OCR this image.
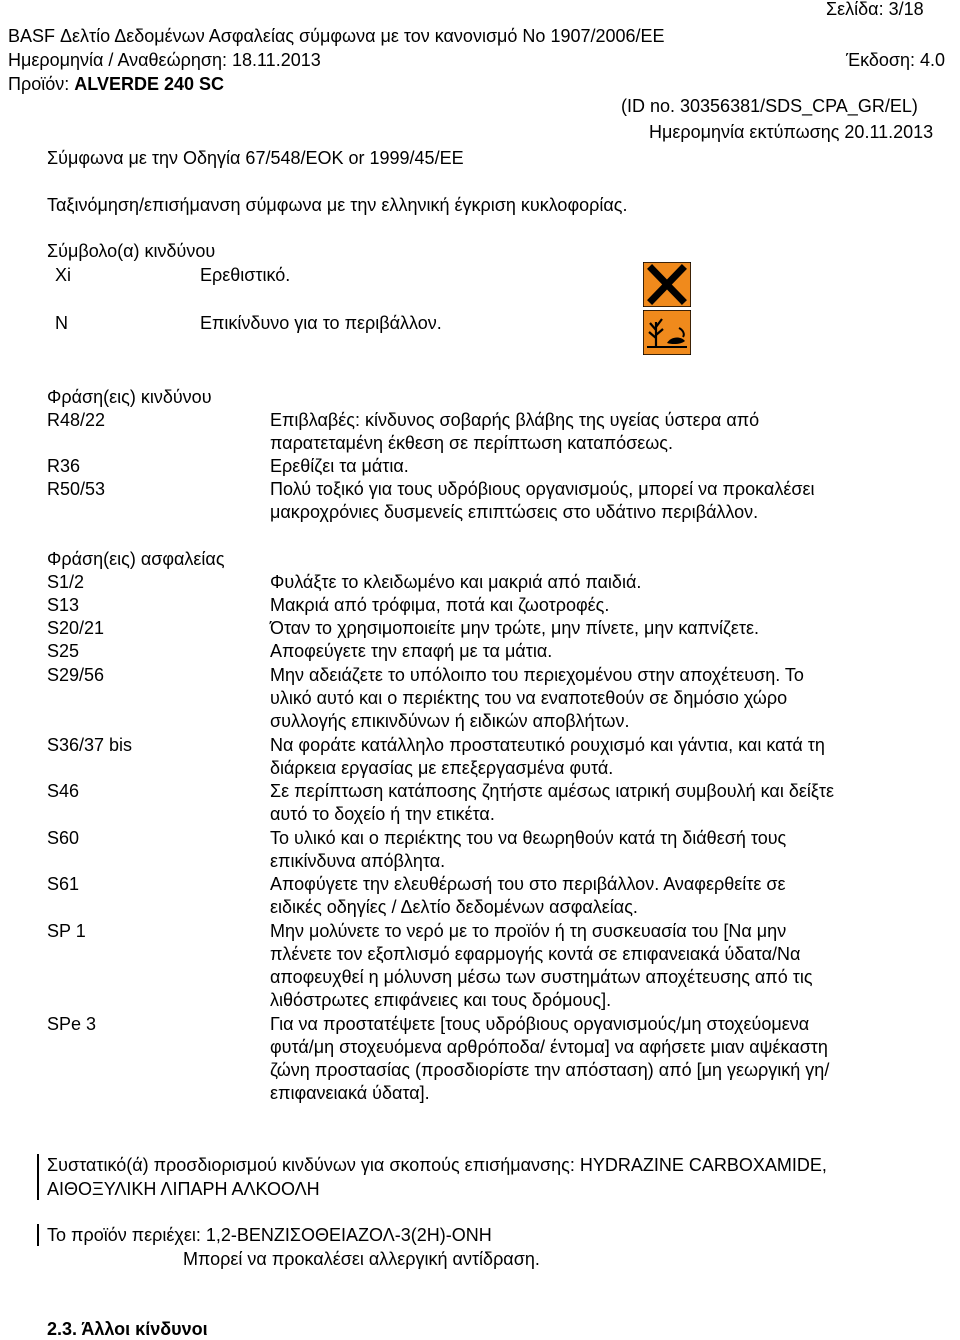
Σελίδα: 3/18
BASF Δελτίο Δεδομένων Ασφαλείας σύμφωνα με τον κανονισμό No 1907/2006/EE
Ημερομηνία / Αναθεώρηση: 18.11.2013	Έκδοση: 4.0
Προϊόν: ALVERDE 240 SC
(ID no. 30356381/SDS_CPA_GR/EL)
Ημερομηνία εκτύπωσης 20.11.2013
Σύμφωνα με την Οδηγία 67/548/ΕΟΚ or 1999/45/EE
Ταξινόμηση/επισήμανση σύμφωνα με την ελληνική έγκριση κυκλοφορίας.
Σύμβολο(α) κινδύνου
Xi	Ερεθιστικό.
N	Επικίνδυνο για το περιβάλλον.
Φράση(εις) κινδύνου
R48/22	Επιβλαβές: κίνδυνος σοβαρής βλάβης της υγείας ύστερα από
παρατεταμένη έκθεση σε περίπτωση καταπόσεως.
R36	Ερεθίζει τα μάτια.
R50/53	Πολύ τοξικό για τους υδρόβιους οργανισμούς, μπορεί να προκαλέσει
μακροχρόνιες δυσμενείς επιπτώσεις στο υδάτινο περιβάλλον.
Φράση(εις) ασφαλείας
S1/2	Φυλάξτε το κλειδωμένο και μακριά από παιδιά.
S13	Μακριά από τρόφιμα, ποτά και ζωοτροφές.
S20/21	Όταν το χρησιμοποιείτε μην τρώτε, μην πίνετε, μην καπνίζετε.
S25	Αποφεύγετε την επαφή με τα μάτια.
S29/56	Μην αδειάζετε το υπόλοιπο του περιεχομένου στην αποχέτευση. Το
υλικό αυτό και ο περιέκτης του να εναποτεθούν σε δημόσιο χώρο
συλλογής επικινδύνων ή ειδικών αποβλήτων.
S36/37 bis	Να φοράτε κατάλληλο προστατευτικό ρουχισμό και γάντια, και κατά τη
διάρκεια εργασίας με επεξεργασμένα φυτά.
S46	Σε περίπτωση κατάποσης ζητήστε αμέσως ιατρική συμβουλή και δείξτε
αυτό το δοχείο ή την ετικέτα.
S60	Το υλικό και ο περιέκτης του να θεωρηθούν κατά τη διάθεσή τους
επικίνδυνα απόβλητα.
S61	Αποφύγετε την ελευθέρωσή του στο περιβάλλον. Αναφερθείτε σε
ειδικές οδηγίες / Δελτίο δεδομένων ασφαλείας.
SP 1	Μην μολύνετε το νερό με το προϊόν ή τη συσκευασία του [Να μην
πλένετε τον εξοπλισμό εφαρμογής κοντά σε επιφανειακά ύδατα/Να
αποφευχθεί η μόλυνση μέσω των συστημάτων αποχέτευσης από τις
λιθόστρωτες επιφάνειες και τους δρόμους].
SPe 3	Για να προστατέψετε [τους υδρόβιους οργανισμούς/μη στοχεύομενα
φυτά/μη στοχευόμενα αρθρόποδα/ έντομα] να αφήσετε μιαν αψέκαστη
ζώνη προστασίας (προσδιορίστε την απόσταση) από [μη γεωργική γη/
επιφανειακά ύδατα].
Συστατικό(ά) προσδιορισμού κινδύνων για σκοπούς επισήμανσης: HYDRAZINE CARBOXAMIDE,
ΑΙΘΟΞΥΛΙΚΗ ΛΙΠΑΡΗ ΑΛΚΟΟΛΗ
Το προϊόν περιέχει: 1,2-ΒΕΝΖΙΣΟΘΕΙΑΖΟΛ-3(2Η)-ΟΝΗ
Μπορεί να προκαλέσει αλλεργική αντίδραση.
2.3. Άλλοι κίνδυνοι
